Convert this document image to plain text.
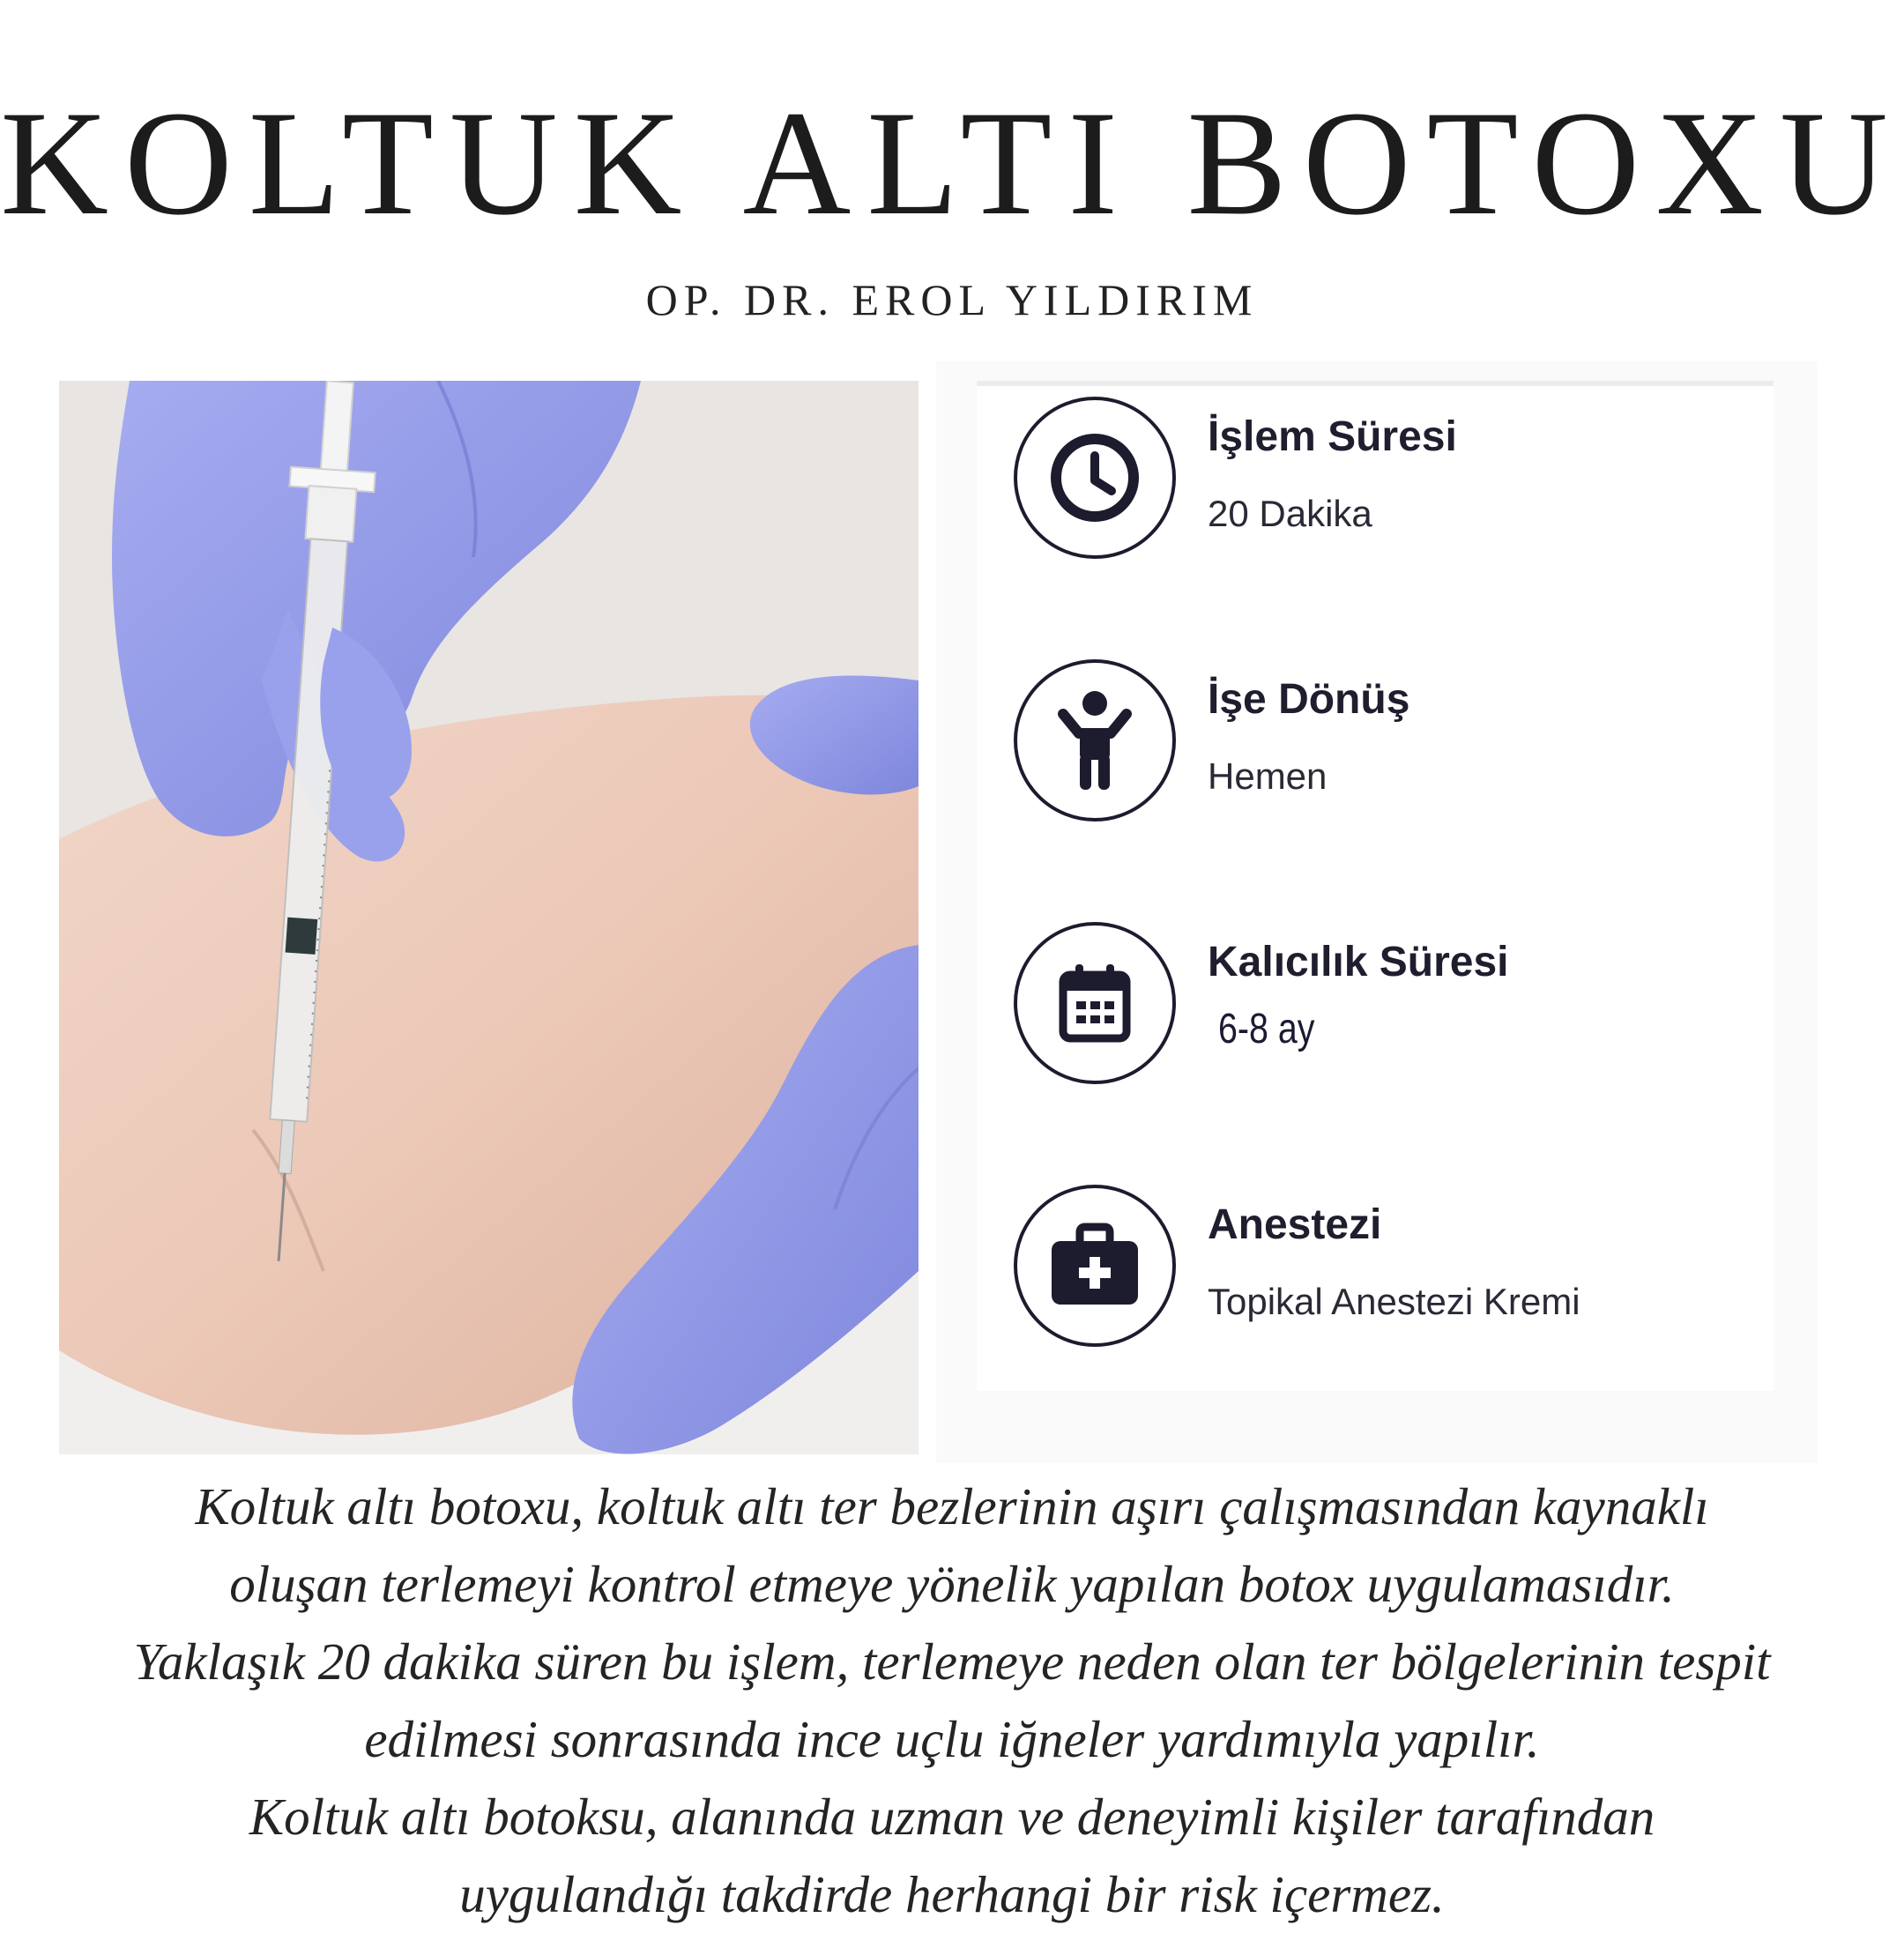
KOLTUK ALTI BOTOXU
OP. DR. EROL YILDIRIM
İşlem Süresi
20 Dakika
İşe Dönüş
Hemen
Kalıcılık Süresi
6-8 ay
Anestezi
Topikal Anestezi Kremi

Koltuk altı botoxu, koltuk altı ter bezlerinin aşırı çalışmasından kaynaklı

oluşan terlemeyi kontrol etmeye yönelik yapılan botox uygulamasıdır.

Yaklaşık 20 dakika süren bu işlem, terlemeye neden olan ter bölgelerinin tespit

edilmesi sonrasında ince uçlu iğneler yardımıyla yapılır.

Koltuk altı botoksu, alanında uzman ve deneyimli kişiler tarafından

uygulandığı takdirde herhangi bir risk içermez.
